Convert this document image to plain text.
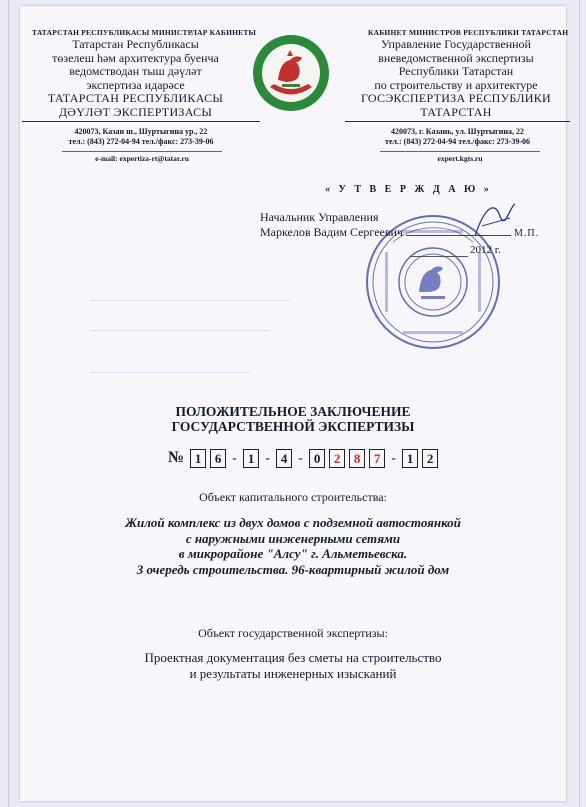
ТАТАРСТАН РЕСПУБЛИКАСЫ МИНИСТРЛАР КАБИНЕТЫ	КАБИНЕТ МИНИСТРОВ РЕСПУБЛИКИ ТАТАРСТАН
Татарстан Республикасы
төзелеш һәм архитектура буенча
ведомстводан тыш дәүләт
экспертиза идарәсе
ТАТАРСТАН РЕСПУБЛИКАСЫ
ДӘҮЛӘТ ЭКСПЕРТИЗАСЫ
Управление Государственной
вневедомственной экспертизы
Республики Татарстан
по строительству и архитектуре
ГОСЭКСПЕРТИЗА РЕСПУБЛИКИ
ТАТАРСТАН
420073, Казан ш., Шуртыгина ур., 22
тел.: (843) 272-04-94 тел./факс: 273-39-06
420073, г. Казань, ул. Шуртыгина, 22
тел.: (843) 272-04-94 тел./факс: 273-39-06
e-mail: expertiza-rt@tatar.ru	expert.kgts.ru
« У Т В Е Р Ж Д А Ю »
Начальник Управления
Маркелов Вадим Сергеевич	М.П.
2012 г.
ПОЛОЖИТЕЛЬНОЕ ЗАКЛЮЧЕНИЕ
ГОСУДАРСТВЕННОЙ ЭКСПЕРТИЗЫ
№ 1	6 - 1 - 4 - 0	2	8	7 - 1	2
Объект капитального строительства:
Жилой комплекс из двух домов с подземной автостоянкой
с наружными инженерными сетями
в микрорайоне "Алсу" г. Альметьевска.
3 очередь строительства. 96-квартирный жилой дом
Объект государственной экспертизы:
Проектная документация без сметы на строительство
и результаты инженерных изысканий
